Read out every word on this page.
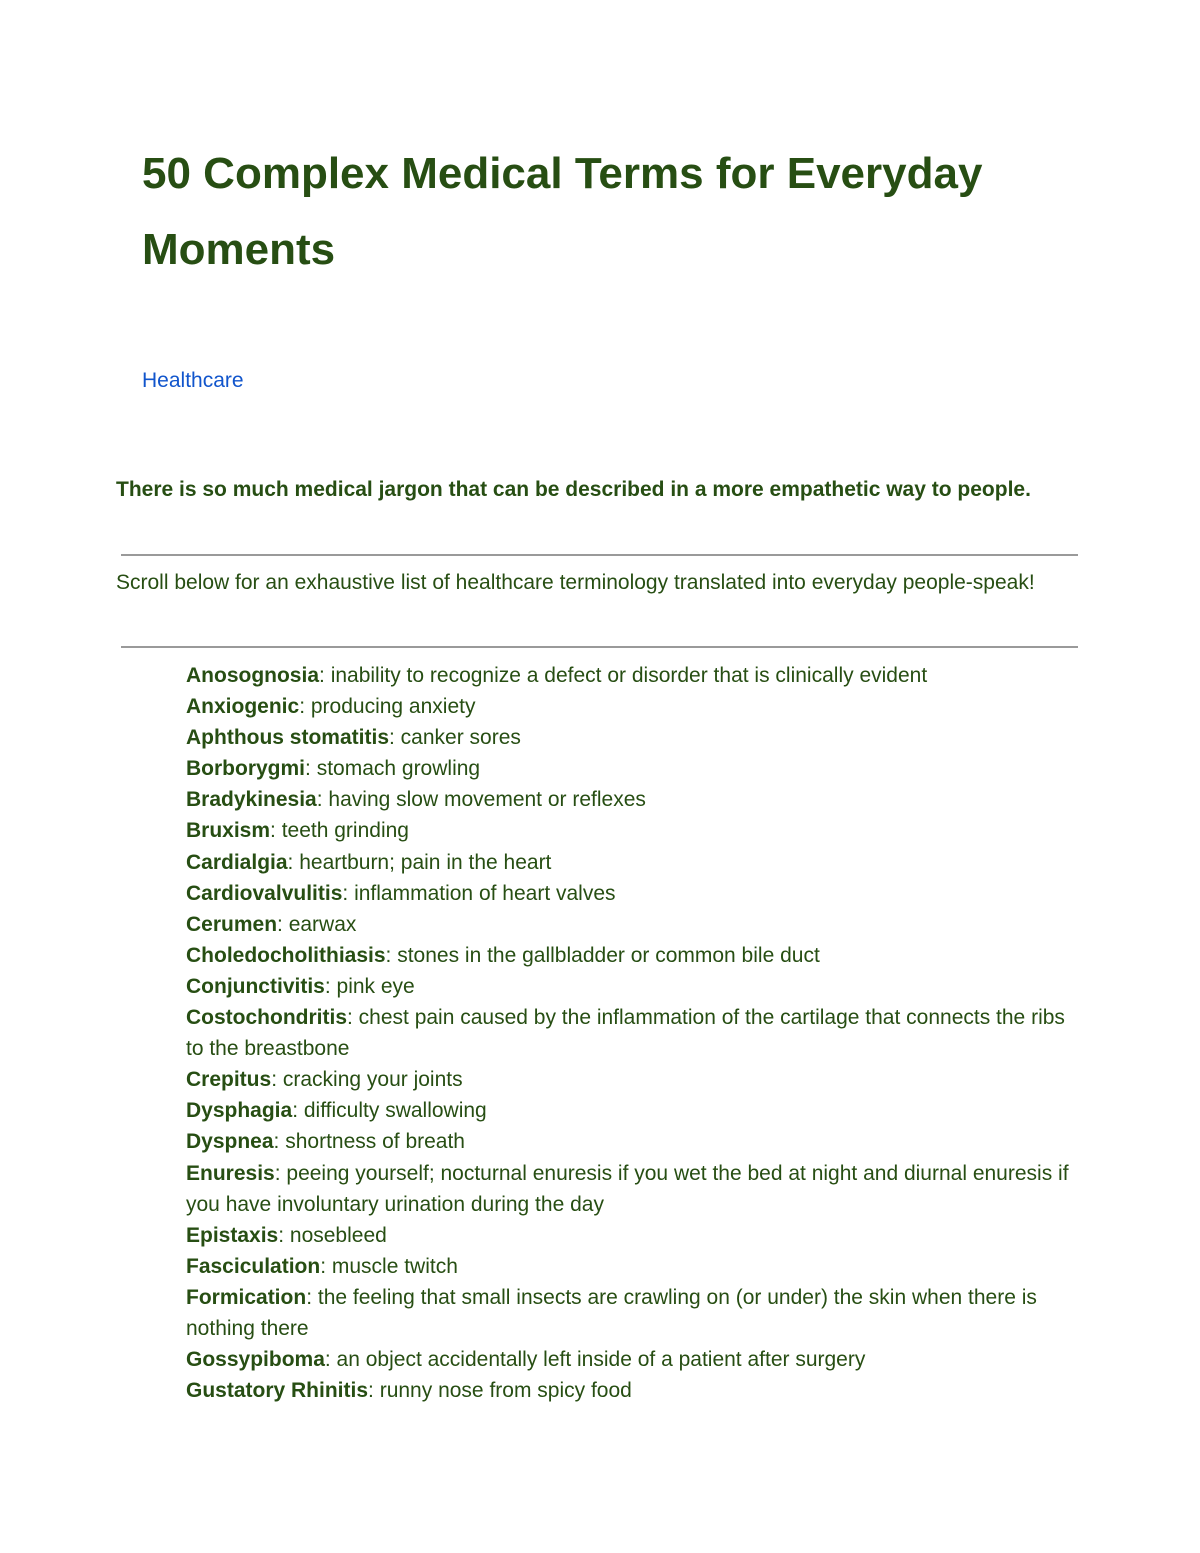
50 Complex Medical Terms for Everyday Moments
Healthcare

There is so much medical jargon that can be described in a more empathetic way to people.

Scroll below for an exhaustive list of healthcare terminology translated into everyday people-speak!

Anosognosia: inability to recognize a defect or disorder that is clinically evident
Anxiogenic: producing anxiety
Aphthous stomatitis: canker sores
Borborygmi: stomach growling
Bradykinesia: having slow movement or reflexes
Bruxism: teeth grinding
Cardialgia: heartburn; pain in the heart
Cardiovalvulitis: inflammation of heart valves
Cerumen: earwax
Choledocholithiasis: stones in the gallbladder or common bile duct
Conjunctivitis: pink eye
Costochondritis: chest pain caused by the inflammation of the cartilage that connects the ribs to the breastbone
Crepitus: cracking your joints
Dysphagia: difficulty swallowing
Dyspnea: shortness of breath
Enuresis: peeing yourself; nocturnal enuresis if you wet the bed at night and diurnal enuresis if you have involuntary urination during the day
Epistaxis: nosebleed
Fasciculation: muscle twitch
Formication: the feeling that small insects are crawling on (or under) the skin when there is nothing there
Gossypiboma: an object accidentally left inside of a patient after surgery
Gustatory Rhinitis: runny nose from spicy food
